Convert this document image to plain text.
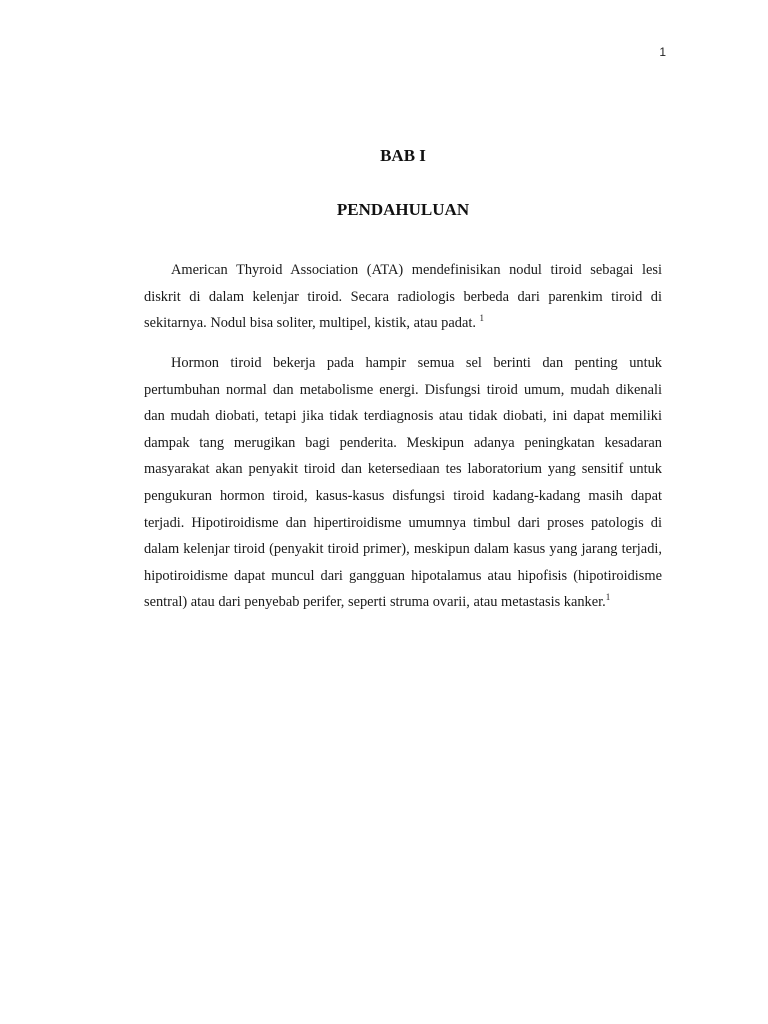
1
BAB I
PENDAHULUAN

American Thyroid Association (ATA) mendefinisikan nodul tiroid sebagai lesi diskrit di dalam kelenjar tiroid. Secara radiologis berbeda dari parenkim tiroid di sekitarnya. Nodul bisa soliter, multipel, kistik, atau padat. $^1$

Hormon tiroid bekerja pada hampir semua sel berinti dan penting untuk pertumbuhan normal dan metabolisme energi. Disfungsi tiroid umum, mudah dikenali dan mudah diobati, tetapi jika tidak terdiagnosis atau tidak diobati, ini dapat memiliki dampak tang merugikan bagi penderita. Meskipun adanya peningkatan kesadaran masyarakat akan penyakit tiroid dan ketersediaan tes laboratorium yang sensitif untuk pengukuran hormon tiroid, kasus-kasus disfungsi tiroid kadang-kadang masih dapat terjadi. Hipotiroidisme dan hipertiroidisme umumnya timbul dari proses patologis di dalam kelenjar tiroid (penyakit tiroid primer), meskipun dalam kasus yang jarang terjadi, hipotiroidisme dapat muncul dari gangguan hipotalamus atau hipofisis (hipotiroidisme sentral) atau dari penyebab perifer, seperti struma ovarii, atau metastasis kanker.$^1$
